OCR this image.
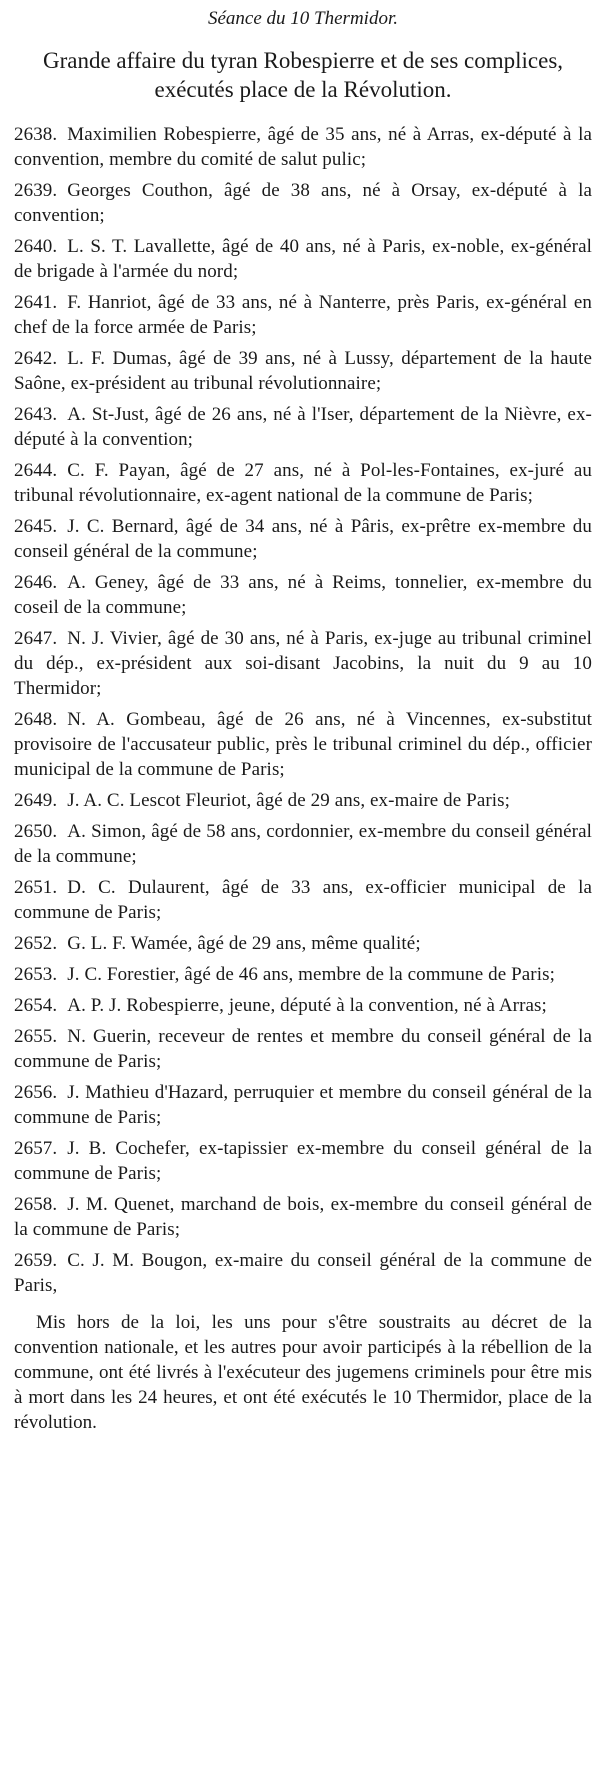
Séance du 10 Thermidor.
Grande affaire du tyran Robespierre et de ses complices, exécutés place de la Révolution.

2638. Maximilien Robespierre, âgé de 35 ans, né à Arras, ex-député à la convention, membre du comité de salut pulic;

2639. Georges Couthon, âgé de 38 ans, né à Orsay, ex-député à la convention;

2640. L. S. T. Lavallette, âgé de 40 ans, né à Paris, ex-noble, ex-général de brigade à l'armée du nord;

2641. F. Hanriot, âgé de 33 ans, né à Nanterre, près Paris, ex-général en chef de la force armée de Paris;

2642. L. F. Dumas, âgé de 39 ans, né à Lussy, département de la haute Saône, ex-président au tribunal révolutionnaire;

2643. A. St-Just, âgé de 26 ans, né à l'Iser, département de la Nièvre, ex-député à la convention;

2644. C. F. Payan, âgé de 27 ans, né à Pol-les-Fontaines, ex-juré au tribunal révolutionnaire, ex-agent national de la commune de Paris;

2645. J. C. Bernard, âgé de 34 ans, né à Pâris, ex-prêtre ex-membre du conseil général de la commune;

2646. A. Geney, âgé de 33 ans, né à Reims, tonnelier, ex-membre du coseil de la commune;

2647. N. J. Vivier, âgé de 30 ans, né à Paris, ex-juge au tribunal criminel du dép., ex-président aux soi-disant Jacobins, la nuit du 9 au 10 Thermidor;

2648. N. A. Gombeau, âgé de 26 ans, né à Vincennes, ex-substitut provisoire de l'accusateur public, près le tribunal criminel du dép., officier municipal de la commune de Paris;

2649. J. A. C. Lescot Fleuriot, âgé de 29 ans, ex-maire de Paris;

2650. A. Simon, âgé de 58 ans, cordonnier, ex-membre du conseil général de la commune;

2651. D. C. Dulaurent, âgé de 33 ans, ex-officier municipal de la commune de Paris;

2652. G. L. F. Wamée, âgé de 29 ans, même qualité;

2653. J. C. Forestier, âgé de 46 ans, membre de la commune de Paris;

2654. A. P. J. Robespierre, jeune, député à la convention, né à Arras;

2655. N. Guerin, receveur de rentes et membre du conseil général de la commune de Paris;

2656. J. Mathieu d'Hazard, perruquier et membre du conseil général de la commune de Paris;

2657. J. B. Cochefer, ex-tapissier ex-membre du conseil général de la commune de Paris;

2658. J. M. Quenet, marchand de bois, ex-membre du conseil général de la commune de Paris;

2659. C. J. M. Bougon, ex-maire du conseil général de la commune de Paris,

Mis hors de la loi, les uns pour s'être soustraits au décret de la convention nationale, et les autres pour avoir participés à la rébellion de la commune, ont été livrés à l'exécuteur des jugemens criminels pour être mis à mort dans les 24 heures, et ont été exécutés le 10 Thermidor, place de la révolution.
